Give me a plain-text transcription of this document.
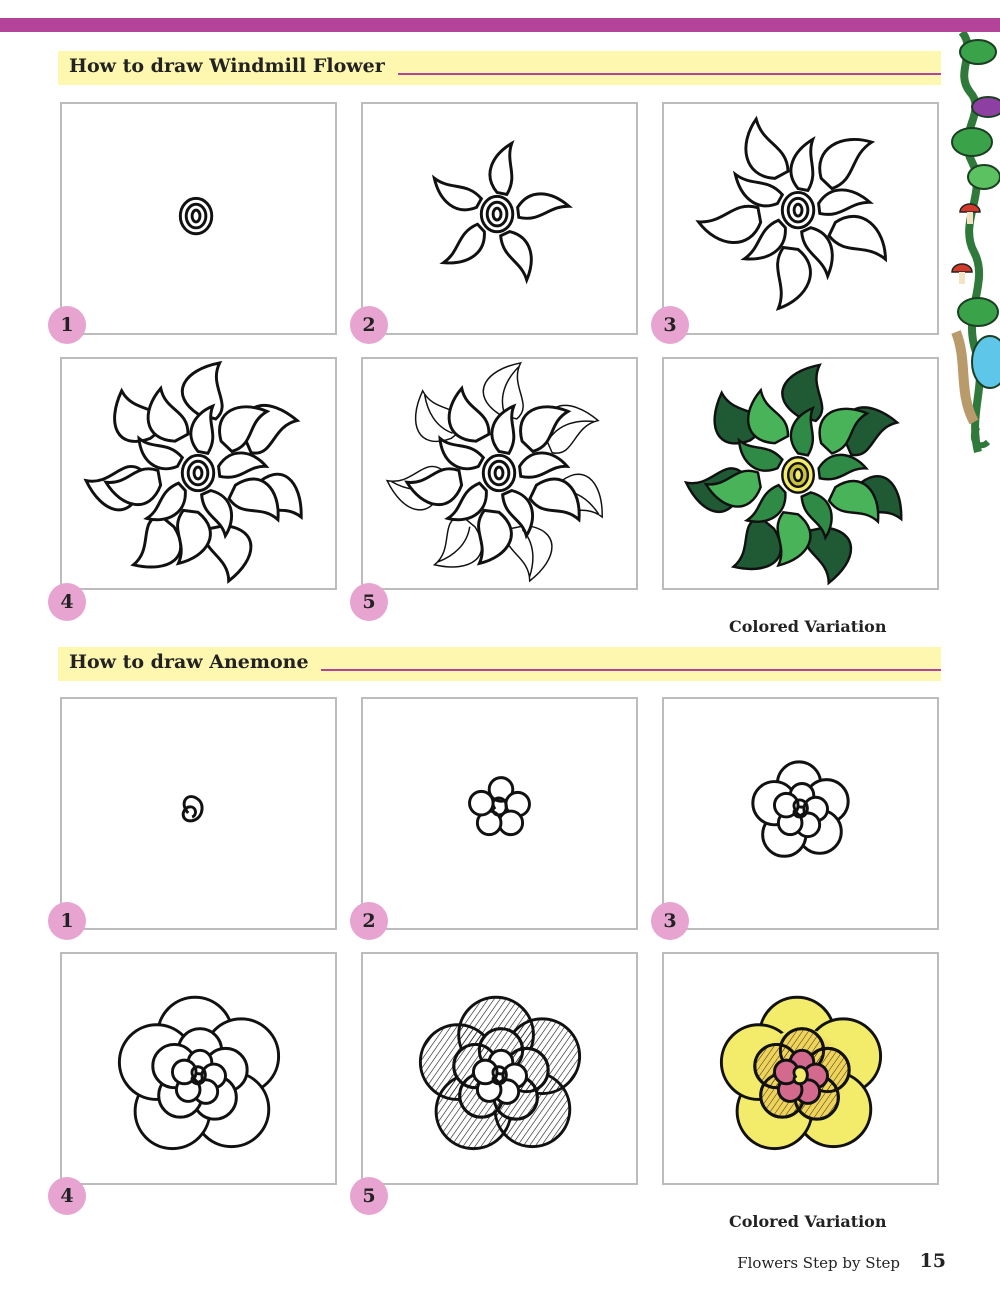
How to draw Windmill Flower
1	2	3
4	5
Colored Variation
How to draw Anemone
1	2	3
4	5
Colored Variation
Flowers Step by Step 15
